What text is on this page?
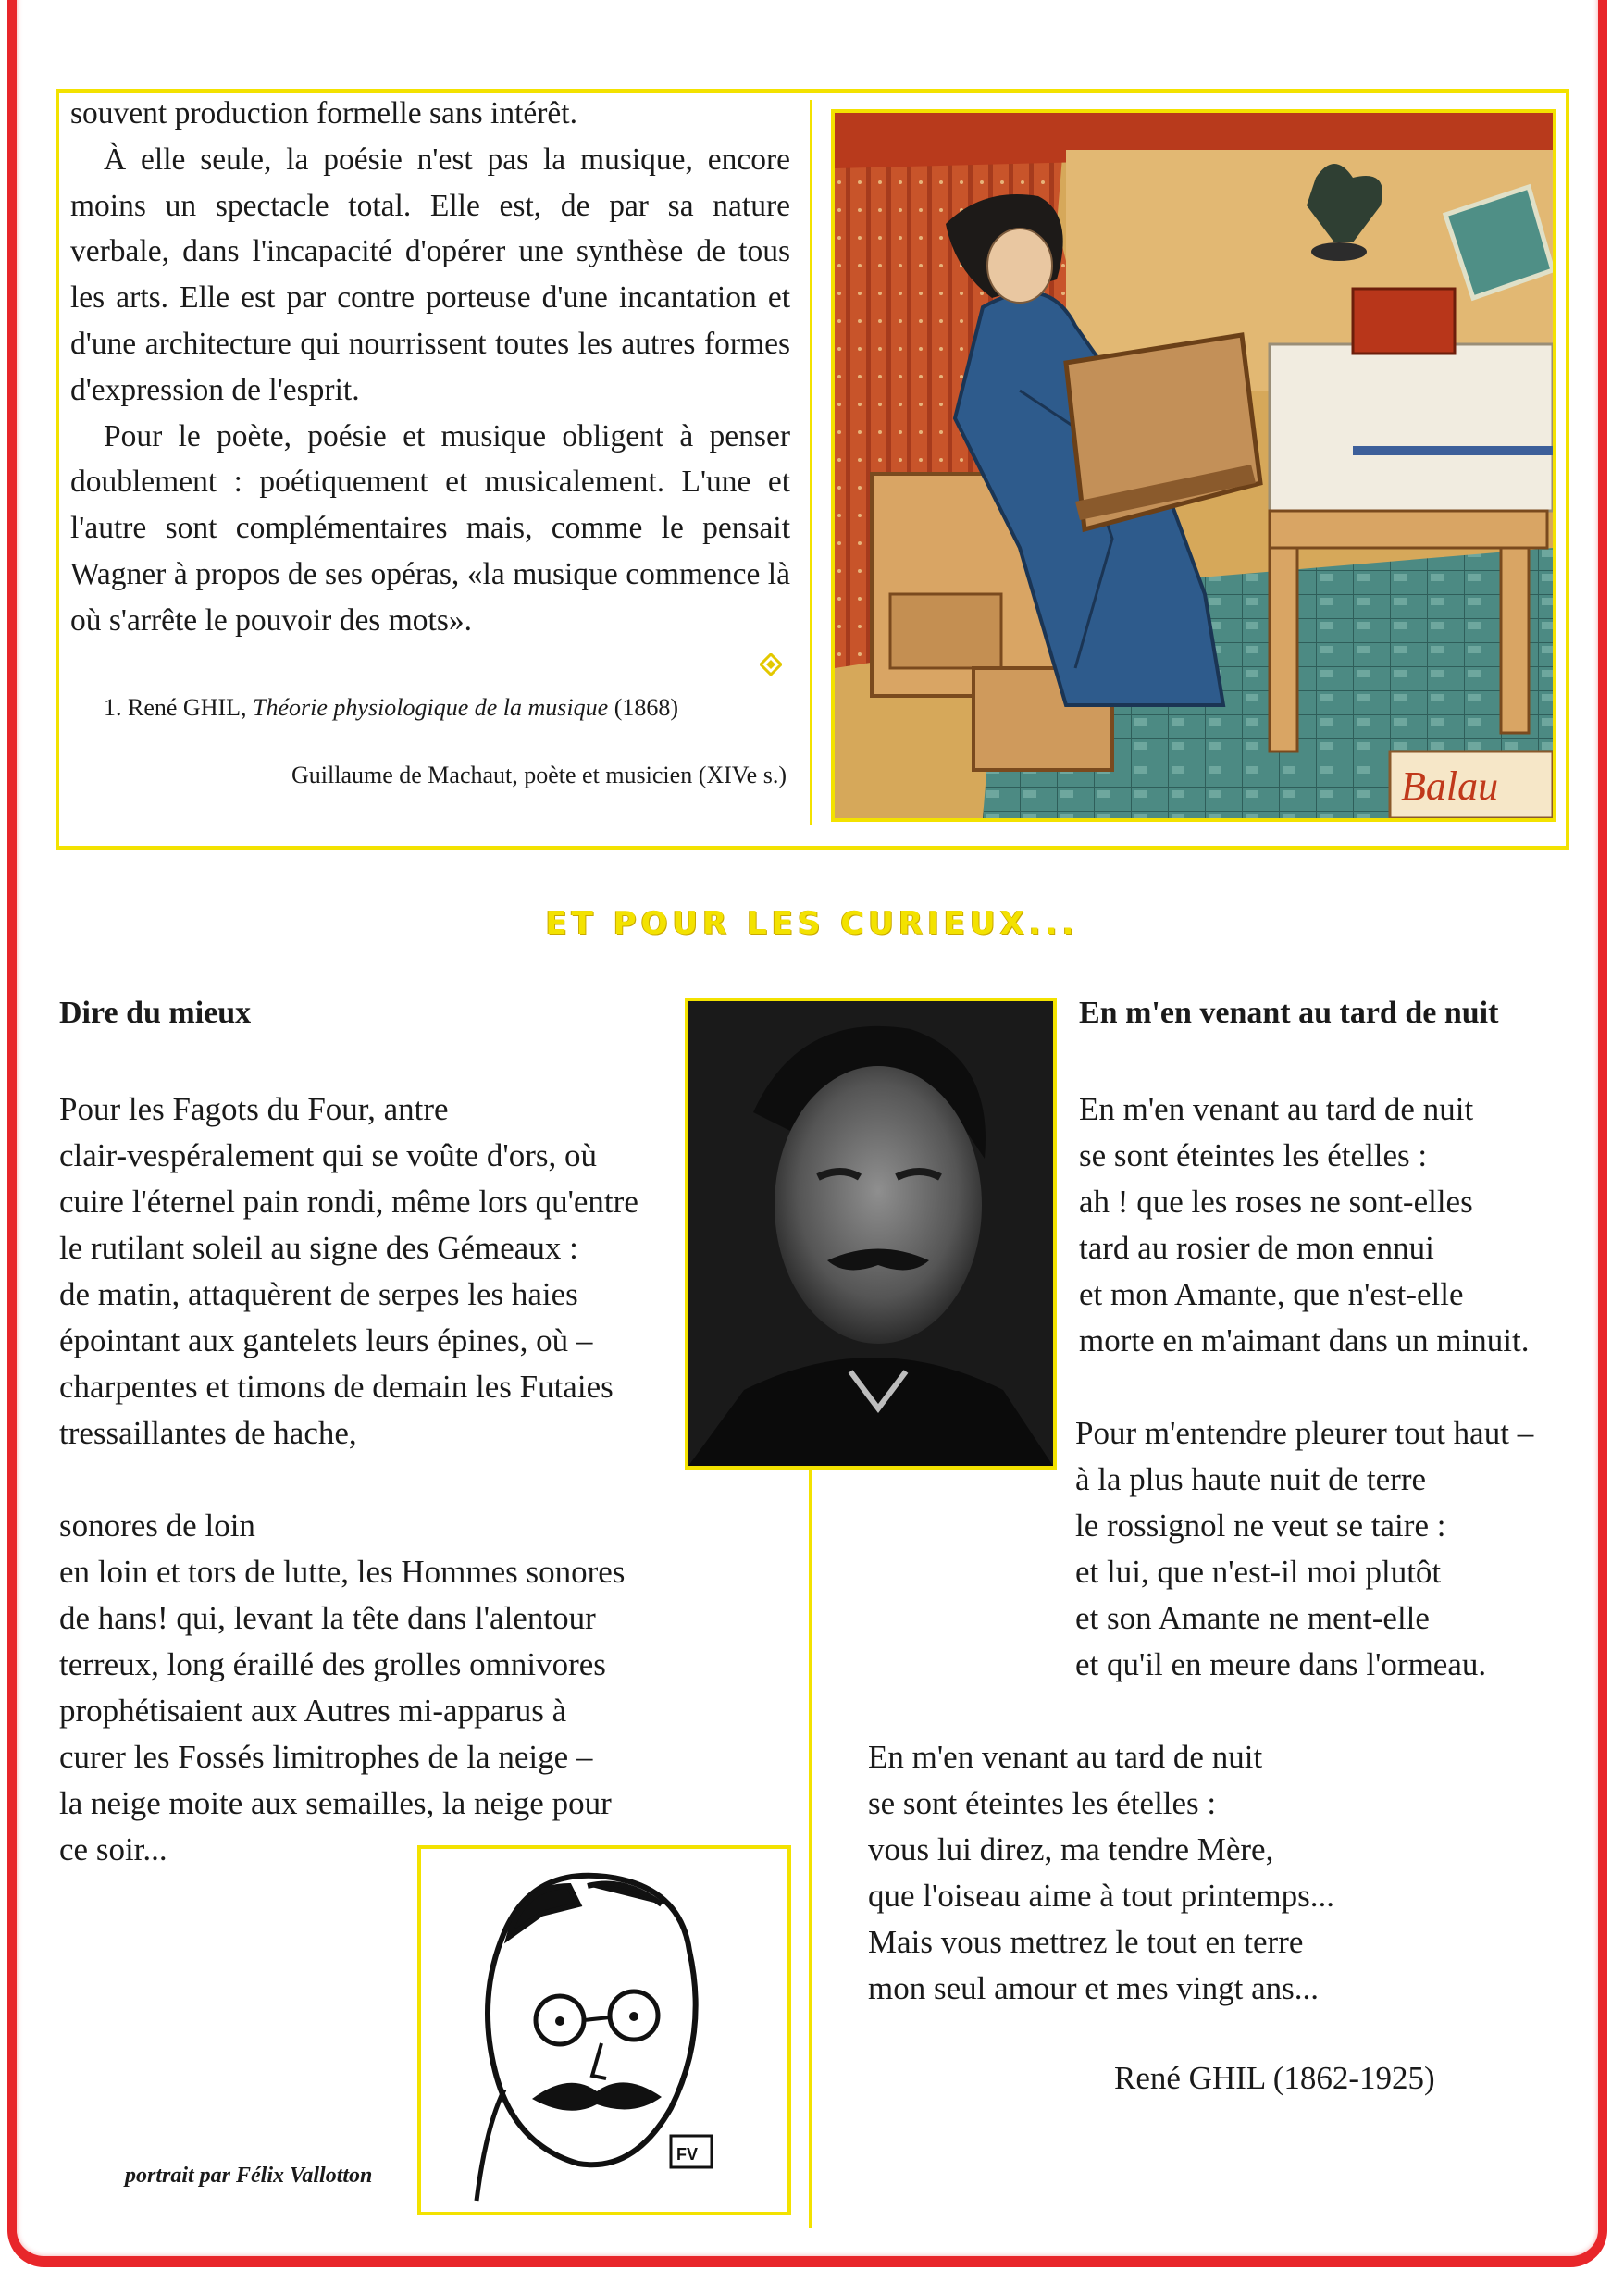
souvent production formelle sans intérêt.

À elle seule, la poésie n'est pas la musique, encore moins un spectacle total. Elle est, de par sa nature verbale, dans l'incapacité d'opérer une synthèse de tous les arts. Elle est par contre porteuse d'une incantation et d'une architecture qui nourrissent toutes les autres formes d'expression de l'esprit.

Pour le poète, poésie et musique obligent à penser doublement : poétiquement et musicalement. L'une et l'autre sont complémentaires mais, comme le pensait Wagner à propos de ses opéras, «la musique commence là où s'arrête le pouvoir des mots».

1. René GHIL, Théorie physiologique de la musique (1868)
Guillaume de Machaut, poète et musicien (XIVe s.)	Balau
ET POUR LES CURIEUX...
Dire du mieux
Pour les Fagots du Four, antre
clair-vespéralement qui se voûte d'ors, où
cuire l'éternel pain rondi, même lors qu'entre
le rutilant soleil au signe des Gémeaux :
de matin, attaquèrent de serpes les haies
épointant aux gantelets leurs épines, où –
charpentes et timons de demain les Futaies
tressaillantes de hache,

sonores de loin
en loin et tors de lutte, les Hommes sonores
de hans! qui, levant la tête dans l'alentour
terreux, long éraillé des grolles omnivores
prophétisaient aux Autres mi-apparus à
curer les Fossés limitrophes de la neige –
la neige moite aux semailles, la neige pour
ce soir...
En m'en venant au tard de nuit
En m'en venant au tard de nuit
se sont éteintes les ételles :
ah ! que les roses ne sont-elles
tard au rosier de mon ennui
et mon Amante, que n'est-elle
morte en m'aimant dans un minuit.
Pour m'entendre pleurer tout haut –
à la plus haute nuit de terre
le rossignol ne veut se taire :
et lui, que n'est-il moi plutôt
et son Amante ne ment-elle
et qu'il en meure dans l'ormeau.
En m'en venant au tard de nuit
se sont éteintes les ételles :
vous lui direz, ma tendre Mère,
que l'oiseau aime à tout printemps...
Mais vous mettrez le tout en terre
mon seul amour et mes vingt ans...
FV
portrait par Félix Vallotton
René GHIL (1862-1925)
